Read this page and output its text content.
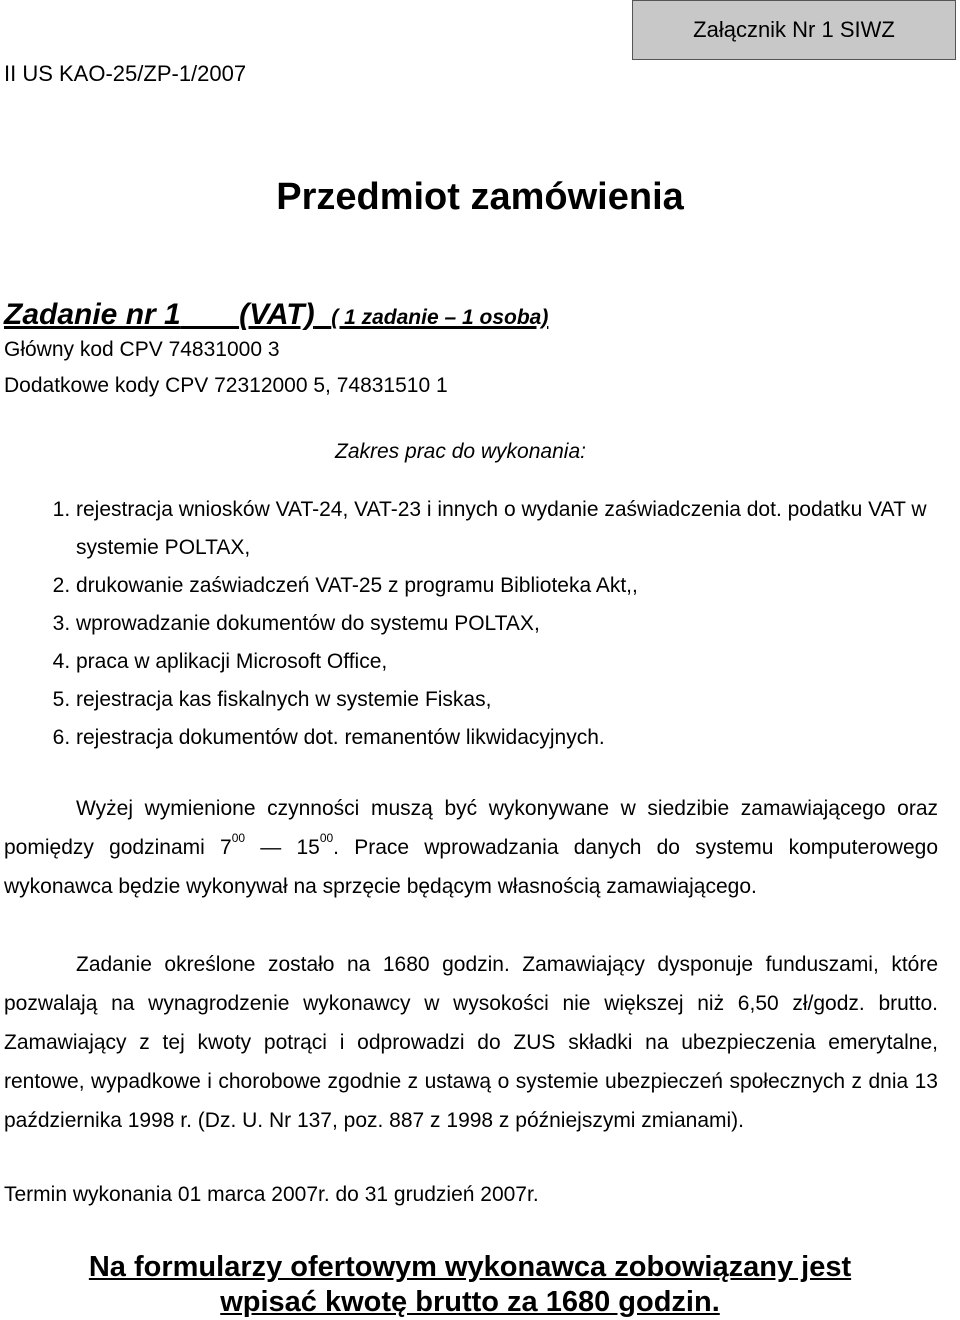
Załącznik Nr 1 SIWZ
II US KAO-25/ZP-1/2007
Przedmiot zamówienia
Zadanie nr 1 (VAT) ( 1 zadanie – 1 osoba)
Główny kod CPV 74831000 3
Dodatkowe kody CPV 72312000 5, 74831510 1
Zakres prac do wykonania:
1. rejestracja wniosków VAT-24, VAT-23 i innych o wydanie zaświadczenia dot. podatku VAT w systemie POLTAX,
2. drukowanie zaświadczeń VAT-25 z programu Biblioteka Akt,,
3. wprowadzanie dokumentów do systemu POLTAX,
4. praca w aplikacji Microsoft Office,
5. rejestracja kas fiskalnych w systemie Fiskas,
6. rejestracja dokumentów dot. remanentów likwidacyjnych.

Wyżej wymienione czynności muszą być wykonywane w siedzibie zamawiającego oraz pomiędzy godzinami $7^{00}$ — $15^{00}$. Prace wprowadzania danych do systemu komputerowego wykonawca będzie wykonywał na sprzęcie będącym własnością zamawiającego.

Zadanie określone zostało na 1680 godzin. Zamawiający dysponuje funduszami, które pozwalają na wynagrodzenie wykonawcy w wysokości nie większej niż 6,50 zł/godz. brutto. Zamawiający z tej kwoty potrąci i odprowadzi do ZUS składki na ubezpieczenia emerytalne, rentowe, wypadkowe i chorobowe zgodnie z ustawą o systemie ubezpieczeń społecznych z dnia 13 października 1998 r. (Dz. U. Nr 137, poz. 887 z 1998 z późniejszymi zmianami).

Termin wykonania 01 marca 2007r. do 31 grudzień 2007r.
Na formularzy ofertowym wykonawca zobowiązany jest
wpisać kwotę brutto za 1680 godzin.
